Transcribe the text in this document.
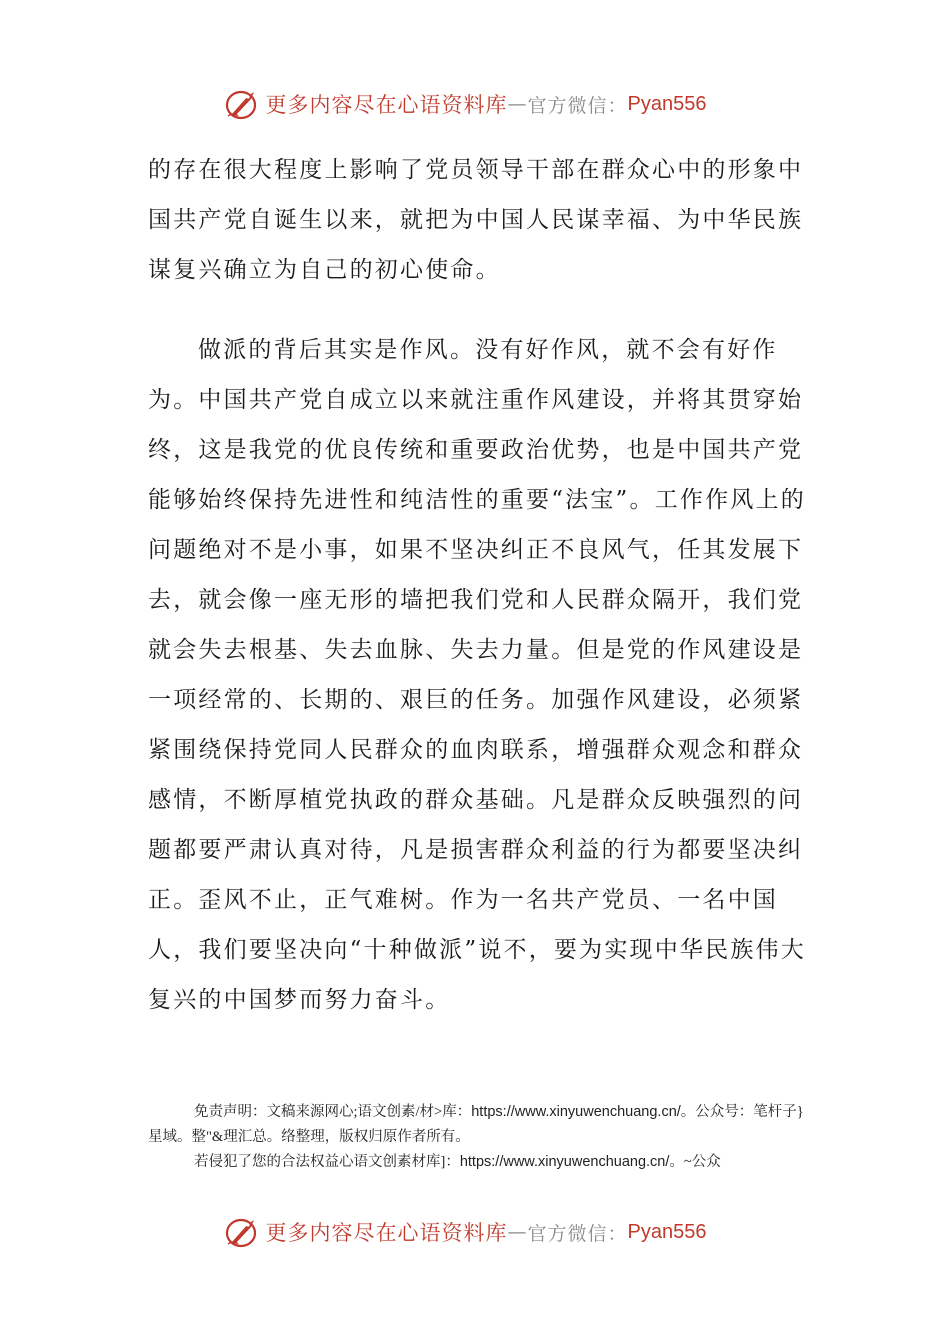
更多内容尽在心语资料库 — 官方微信： Pyan556

的存在很大程度上影响了党员领导干部在群众心中的形象中国共产党自诞生以来，就把为中国人民谋幸福、为中华民族谋复兴确立为自己的初心使命。

做派的背后其实是作风。没有好作风，就不会有好作为。中国共产党自成立以来就注重作风建设，并将其贯穿始终，这是我党的优良传统和重要政治优势，也是中国共产党能够始终保持先进性和纯洁性的重要“法宝”。工作作风上的问题绝对不是小事，如果不坚决纠正不良风气，任其发展下去，就会像一座无形的墙把我们党和人民群众隔开，我们党就会失去根基、失去血脉、失去力量。但是党的作风建设是一项经常的、长期的、艰巨的任务。加强作风建设，必须紧紧围绕保持党同人民群众的血肉联系，增强群众观念和群众感情，不断厚植党执政的群众基础。凡是群众反映强烈的问题都要严肃认真对待，凡是损害群众利益的行为都要坚决纠正。歪风不止，正气难树。作为一名共产党员、一名中国人，我们要坚决向“十种做派”说不，要为实现中华民族伟大复兴的中国梦而努力奋斗。

免责声明：文稿来源网心;语文创素/材>库：https://www.xinyuwenchuang.cn/。公众号：笔杆子}星域。整"&理汇总。络整理，版权归原作者所有。

若侵犯了您的合法权益心语文创素材库]：https://www.xinyuwenchuang.cn/。~公众

更多内容尽在心语资料库 — 官方微信： Pyan556
